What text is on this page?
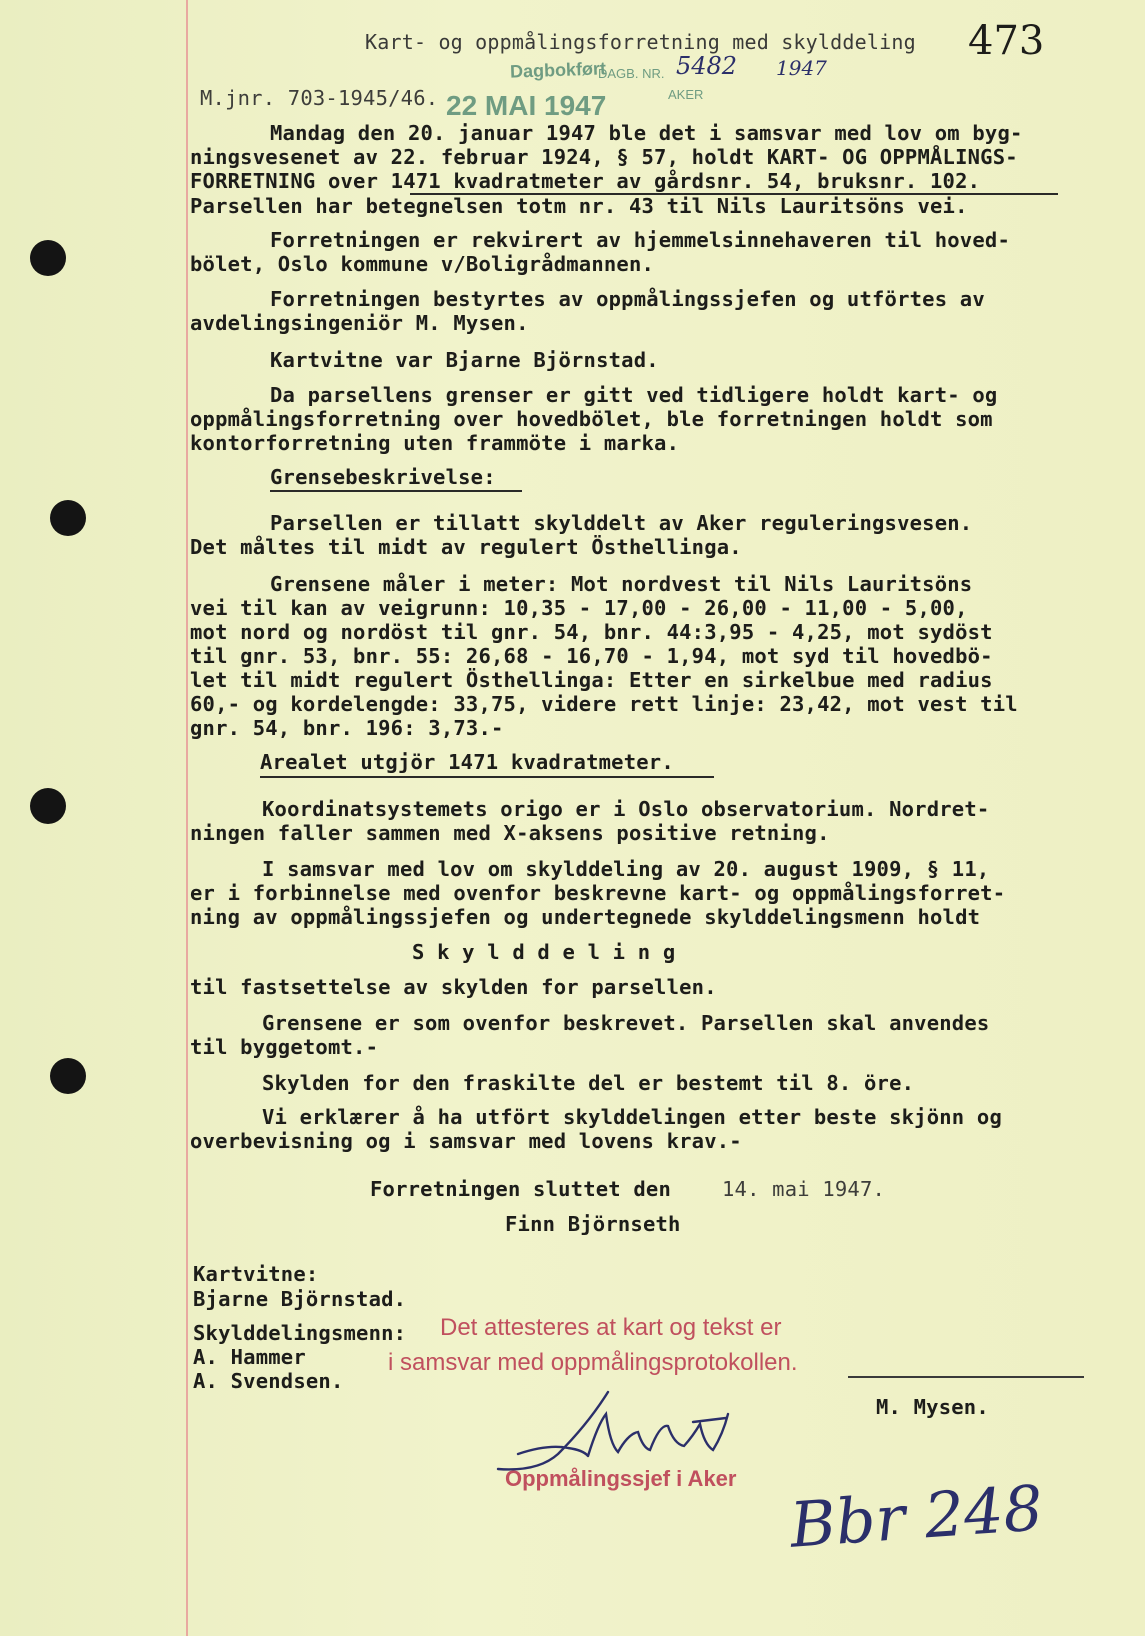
Kart- og oppmålingsforretning med skylddeling 473
M.jnr. 703-1945/46.
Dagbokført
DAGB. NR. 5482 1947
22 MAI 1947	AKER
Mandag den 20. januar 1947 ble det i samsvar med lov om byg-
ningsvesenet av 22. februar 1924, § 57, holdt KART- OG OPPMÅLINGS-
FORRETNING over 1471 kvadratmeter av gårdsnr. 54, bruksnr. 102.
Parsellen har betegnelsen totm nr. 43 til Nils Lauritsöns vei.
Forretningen er rekvirert av hjemmelsinnehaveren til hoved-
bölet, Oslo kommune v/Boligrådmannen.
Forretningen bestyrtes av oppmålingssjefen og utförtes av
avdelingsingeniör M. Mysen.
Kartvitne var Bjarne Björnstad.
Da parsellens grenser er gitt ved tidligere holdt kart- og
oppmålingsforretning over hovedbölet, ble forretningen holdt som
kontorforretning uten frammöte i marka.
Grensebeskrivelse:
Parsellen er tillatt skylddelt av Aker reguleringsvesen.
Det måltes til midt av regulert Östhellinga.
Grensene måler i meter: Mot nordvest til Nils Lauritsöns
vei til kan av veigrunn: 10,35 - 17,00 - 26,00 - 11,00 - 5,00,
mot nord og nordöst til gnr. 54, bnr. 44:3,95 - 4,25, mot sydöst
til gnr. 53, bnr. 55: 26,68 - 16,70 - 1,94, mot syd til hovedbö-
let til midt regulert Östhellinga: Etter en sirkelbue med radius
60,- og kordelengde: 33,75, videre rett linje: 23,42, mot vest til
gnr. 54, bnr. 196: 3,73.-
Arealet utgjör 1471 kvadratmeter.
Koordinatsystemets origo er i Oslo observatorium. Nordret-
ningen faller sammen med X-aksens positive retning.
I samsvar med lov om skylddeling av 20. august 1909, § 11,
er i forbinnelse med ovenfor beskrevne kart- og oppmålingsforret-
ning av oppmålingssjefen og undertegnede skylddelingsmenn holdt
S k y l d d e l i n g
til fastsettelse av skylden for parsellen.
Grensene er som ovenfor beskrevet. Parsellen skal anvendes
til byggetomt.-
Skylden for den fraskilte del er bestemt til 8. öre.
Vi erklærer å ha utfört skylddelingen etter beste skjönn og
overbevisning og i samsvar med lovens krav.-
Forretningen sluttet den 14. mai 1947.
Finn Björnseth
Kartvitne:
Bjarne Björnstad.
Skylddelingsmenn:
A. Hammer
A. Svendsen.
Det attesteres at kart og tekst er
i samsvar med oppmålingsprotokollen.
M. Mysen.
Oppmålingssjef i Aker Bbr 248
